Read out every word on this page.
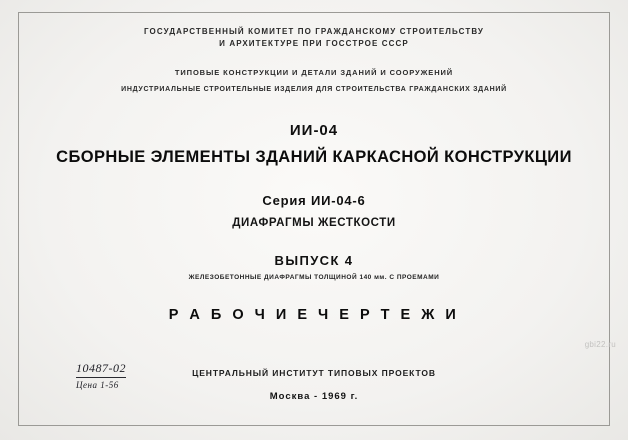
ГОСУДАРСТВЕННЫЙ КОМИТЕТ ПО ГРАЖДАНСКОМУ СТРОИТЕЛЬСТВУ
И АРХИТЕКТУРЕ ПРИ ГОССТРОЕ СССР
ТИПОВЫЕ КОНСТРУКЦИИ И ДЕТАЛИ ЗДАНИЙ И СООРУЖЕНИЙ
ИНДУСТРИАЛЬНЫЕ СТРОИТЕЛЬНЫЕ ИЗДЕЛИЯ ДЛЯ СТРОИТЕЛЬСТВА ГРАЖДАНСКИХ ЗДАНИЙ
ИИ-04
СБОРНЫЕ ЭЛЕМЕНТЫ ЗДАНИЙ КАРКАСНОЙ КОНСТРУКЦИИ
Серия ИИ-04-6
ДИАФРАГМЫ ЖЕСТКОСТИ
ВЫПУСК 4
ЖЕЛЕЗОБЕТОННЫЕ ДИАФРАГМЫ ТОЛЩИНОЙ 140 мм. С ПРОЕМАМИ
Р А Б О Ч И Е Ч Е Р Т Е Ж И
10487-02
Цена 1-56
ЦЕНТРАЛЬНЫЙ ИНСТИТУТ ТИПОВЫХ ПРОЕКТОВ
Москва - 1969 г.
gbi22.ru
